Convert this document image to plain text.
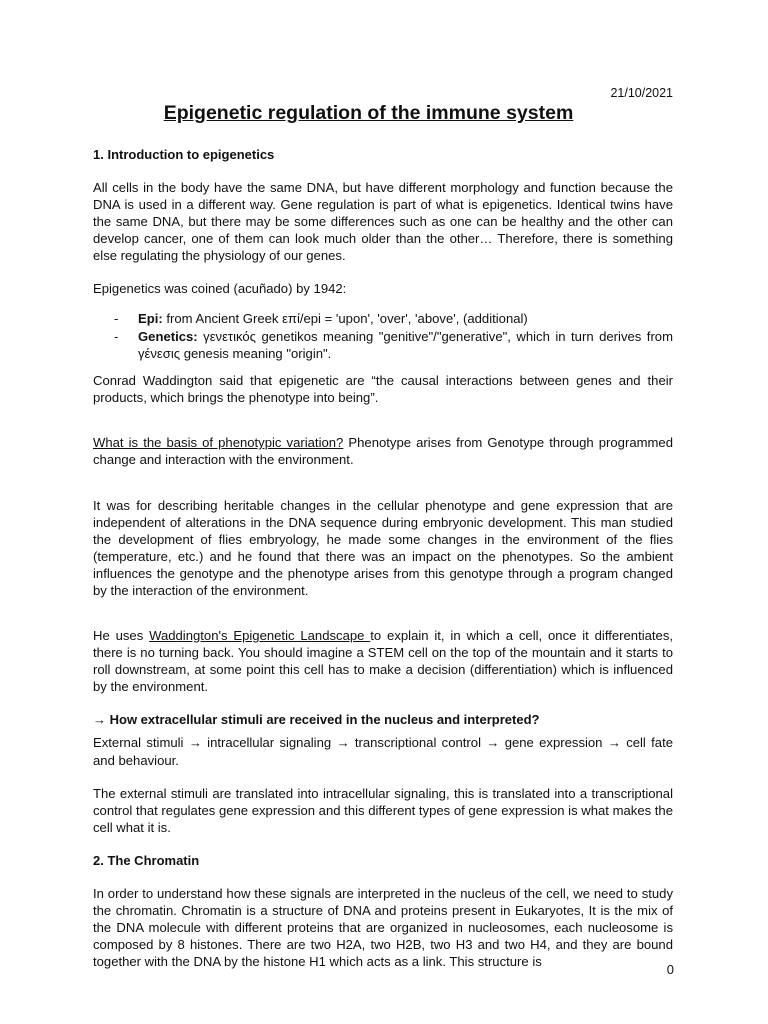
21/10/2021
Epigenetic regulation of the immune system
1. Introduction to epigenetics

All cells in the body have the same DNA, but have different morphology and function because the DNA is used in a different way. Gene regulation is part of what is epigenetics. Identical twins have the same DNA, but there may be some differences such as one can be healthy and the other can develop cancer, one of them can look much older than the other… Therefore, there is something else regulating the physiology of our genes.

Epigenetics was coined (acuñado) by 1942:

- Epi: from Ancient Greek επί/epi = 'upon', 'over', 'above', (additional)
- Genetics: γενετικός genetikos meaning "genitive"/"generative", which in turn derives from γένεσις genesis meaning "origin".

Conrad Waddington said that epigenetic are “the causal interactions between genes and their products, which brings the phenotype into being”.

What is the basis of phenotypic variation? Phenotype arises from Genotype through programmed change and interaction with the environment.

It was for describing heritable changes in the cellular phenotype and gene expression that are independent of alterations in the DNA sequence during embryonic development. This man studied the development of flies embryology, he made some changes in the environment of the flies (temperature, etc.) and he found that there was an impact on the phenotypes. So the ambient influences the genotype and the phenotype arises from this genotype through a program changed by the interaction of the environment.

He uses Waddington's Epigenetic Landscape to explain it, in which a cell, once it differentiates, there is no turning back. You should imagine a STEM cell on the top of the mountain and it starts to roll downstream, at some point this cell has to make a decision (differentiation) which is influenced by the environment.

→ How extracellular stimuli are received in the nucleus and interpreted?

External stimuli → intracellular signaling → transcriptional control → gene expression → cell fate and behaviour.

The external stimuli are translated into intracellular signaling, this is translated into a transcriptional control that regulates gene expression and this different types of gene expression is what makes the cell what it is.

2. The Chromatin

In order to understand how these signals are interpreted in the nucleus of the cell, we need to study the chromatin. Chromatin is a structure of DNA and proteins present in Eukaryotes, It is the mix of the DNA molecule with different proteins that are organized in nucleosomes, each nucleosome is composed by 8 histones. There are two H2A, two H2B, two H3 and two H4, and they are bound together with the DNA by the histone H1 which acts as a link. This structure is

0
